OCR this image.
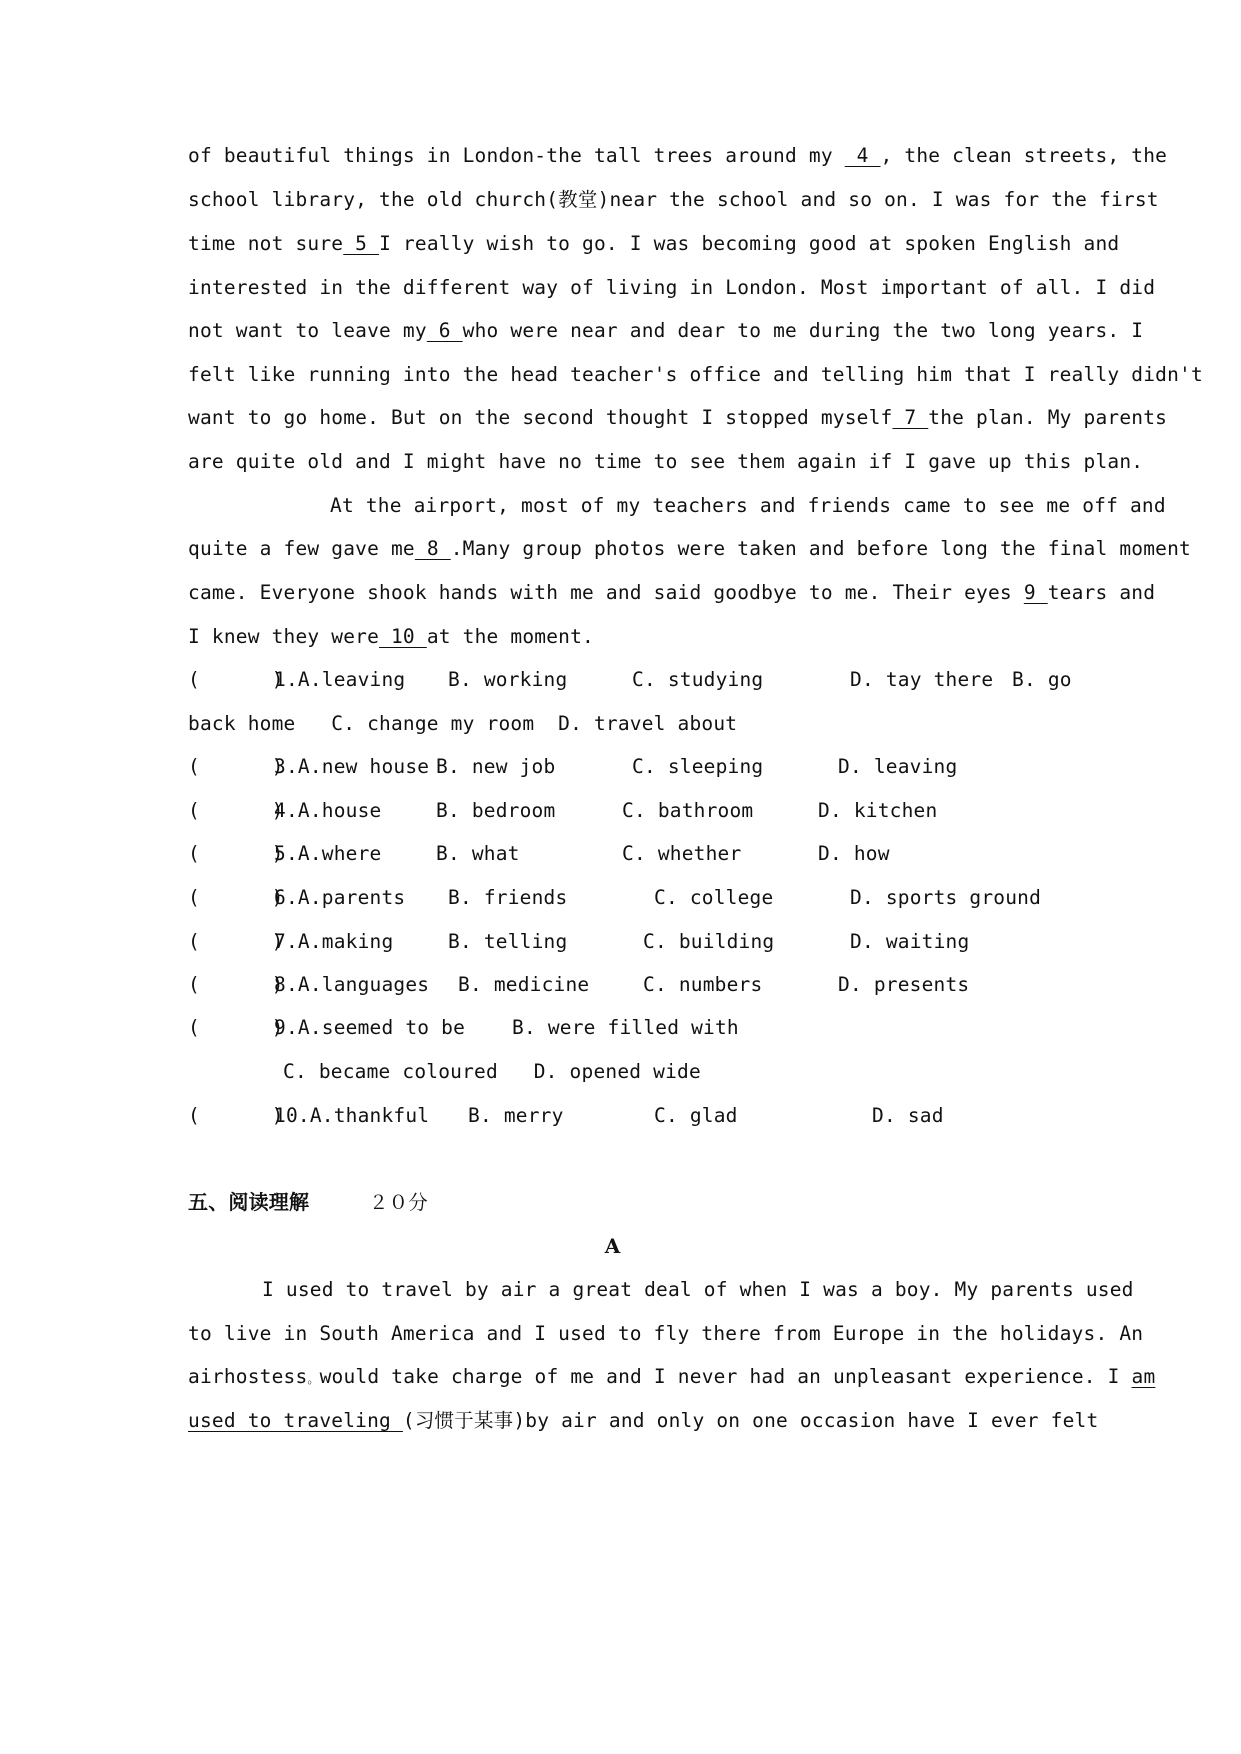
of beautiful things in London-the tall trees around my  4 , the clean streets, the
school library, the old church(教堂)near the school and so on. I was for the first
time not sure 5 I really wish to go. I was becoming good at spoken English and
interested in the different way of living in London. Most important of all. I did
not want to leave my 6 who were near and dear to me during the two long years. I
felt like running into the head teacher's office and telling him that I really didn't
want to go home. But on the second thought I stopped myself 7 the plan. My parents
are quite old and I might have no time to see them again if I gave up this plan.
At the airport, most of my teachers and friends came to see me off and
quite a few gave me 8 .Many group photos were taken and before long the final moment
came. Everyone shook hands with me and said goodbye to me. Their eyes 9 tears and
I knew they were 10 at the moment.

(      )

1.A.leaving

B. working

	C. studying

	D. tay there

B. go

back home   C. change my room  D. travel about

(      )

3.A.new house

B. new job

	C. sleeping

	D. leaving

(      )

4.A.house

	B. bedroom

	C. bathroom

	D. kitchen

(      )

5.A.where

	B. what

	C. whether

	D. how

(      )

6.A.parents

B. friends

	C. college

	D. sports ground

(      )

7.A.making

	B. telling

	C. building

	D. waiting

(      )

8.A.languages

B. medicine

	C. numbers

	D. presents

(      )

9.A.seemed to be

B. were filled with

C. became coloured   D. opened wide

(      )

10.A.thankful

B. merry

	C. glad

	D. sad

五、阅读理解	２０分
A
I used to travel by air a great deal of when I was a boy. My parents used
to live in South America and I used to fly there from Europe in the holidays. An
airhostess。would take charge of me and I never had an unpleasant experience. I am
used to traveling (习惯于某事)by air and only on one occasion have I ever felt
